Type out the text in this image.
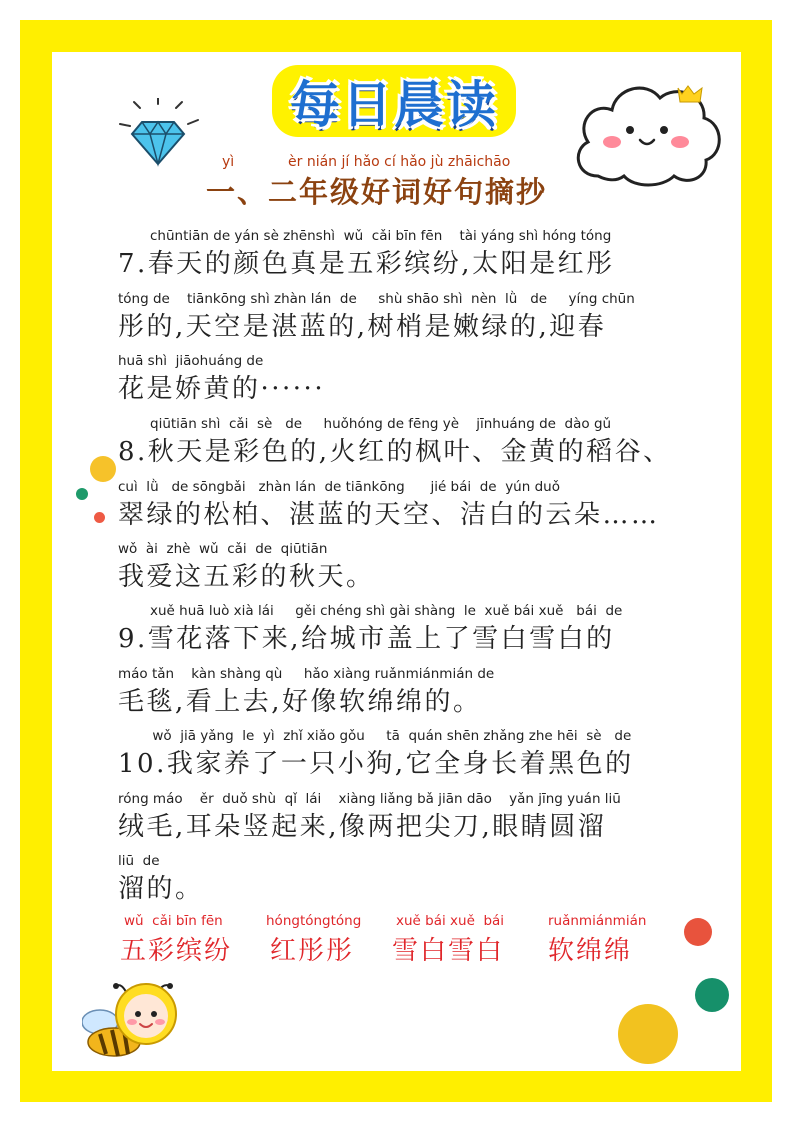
每日晨读
yì	èr nián jí hǎo cí hǎo jù zhāichāo
一、二年级好词好句摘抄
chūntiān de yán sè zhēnshì  wǔ  cǎi bīn fēn    tài yáng shì hóng tóng
7.春天的颜色真是五彩缤纷,太阳是红彤
tóng de    tiānkōng shì zhàn lán  de     shù shāo shì  nèn  lǜ   de     yíng chūn
彤的,天空是湛蓝的,树梢是嫩绿的,迎春
huā shì  jiāohuáng de
花是娇黄的······
qiūtiān shì  cǎi  sè   de     huǒhóng de fēng yè    jīnhuáng de  dào gǔ
8.秋天是彩色的,火红的枫叶、金黄的稻谷、
cuì  lǜ   de sōngbǎi   zhàn lán  de tiānkōng      jié bái  de  yún duǒ
翠绿的松柏、湛蓝的天空、洁白的云朵……
wǒ  ài  zhè  wǔ  cǎi  de  qiūtiān
我爱这五彩的秋天。
xuě huā luò xià lái     gěi chéng shì gài shàng  le  xuě bái xuě   bái  de
9.雪花落下来,给城市盖上了雪白雪白的
máo tǎn    kàn shàng qù     hǎo xiàng ruǎnmiánmián de
毛毯,看上去,好像软绵绵的。
wǒ  jiā yǎng  le  yì  zhǐ xiǎo gǒu     tā  quán shēn zhǎng zhe hēi  sè   de
10.我家养了一只小狗,它全身长着黑色的
róng máo    ěr  duǒ shù  qǐ  lái    xiàng liǎng bǎ jiān dāo    yǎn jīng yuán liū
绒毛,耳朵竖起来,像两把尖刀,眼睛圆溜
liū  de
溜的。
wǔ  cǎi bīn fēn
五彩缤纷
hóngtóngtóng
红彤彤
xuě bái xuě  bái
雪白雪白
ruǎnmiánmián
软绵绵
